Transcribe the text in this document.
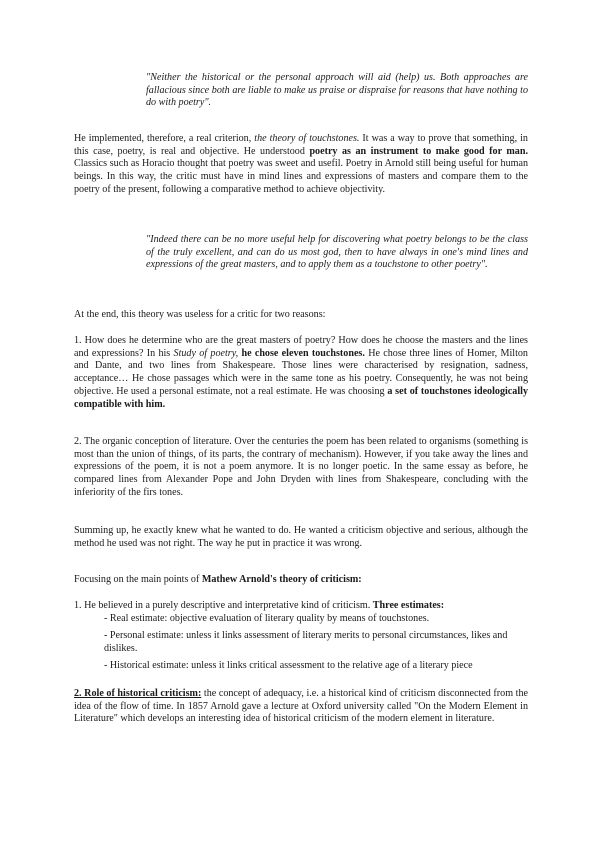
"Neither the historical or the personal approach will aid (help) us. Both approaches are fallacious since both are liable to make us praise or dispraise for reasons that have nothing to do with poetry".

He implemented, therefore, a real criterion, the theory of touchstones. It was a way to prove that something, in this case, poetry, is real and objective. He understood poetry as an instrument to make good for man. Classics such as Horacio thought that poetry was sweet and usefil. Poetry in Arnold still being useful for human beings. In this way, the critic must have in mind lines and expressions of masters and compare them to the poetry of the present, following a comparative method to achieve objectivity.

"Indeed there can be no more useful help for discovering what poetry belongs to be the class of the truly excellent, and can do us most god, then to have always in one's mind lines and expressions of the great masters, and to apply them as a touchstone to other poetry".

At the end, this theory was useless for a critic for two reasons:

1. How does he determine who are the great masters of poetry? How does he choose the masters and the lines and expressions? In his Study of poetry, he chose eleven touchstones. He chose three lines of Homer, Milton and Dante, and two lines from Shakespeare. Those lines were characterised by resignation, sadness, acceptance… He chose passages which were in the same tone as his poetry. Consequently, he was not being objective. He used a personal estimate, not a real estimate. He was choosing a set of touchstones ideologically compatible with him.

2. The organic conception of literature. Over the centuries the poem has been related to organisms (something is most than the union of things, of its parts, the contrary of mechanism). However, if you take away the lines and expressions of the poem, it is not a poem anymore. It is no longer poetic. In the same essay as before, he compared lines from Alexander Pope and John Dryden with lines from Shakespeare, concluding with the inferiority of the firs tones.

Summing up, he exactly knew what he wanted to do. He wanted a criticism objective and serious, although the method he used was not right. The way he put in practice it was wrong.

Focusing on the main points of Mathew Arnold's theory of criticism:

1. He believed in a purely descriptive and interpretative kind of criticism. Three estimates:

- Real estimate: objective evaluation of literary quality by means of touchstones.

- Personal estimate: unless it links assessment of literary merits to personal circumstances, likes and dislikes.

- Historical estimate: unless it links critical assessment to the relative age of a literary piece

2. Role of historical criticism: the concept of adequacy, i.e. a historical kind of criticism disconnected from the idea of the flow of time. In 1857 Arnold gave a lecture at Oxford university called "On the Modern Element in Literature" which develops an interesting idea of historical criticism of the modern element in literature.
